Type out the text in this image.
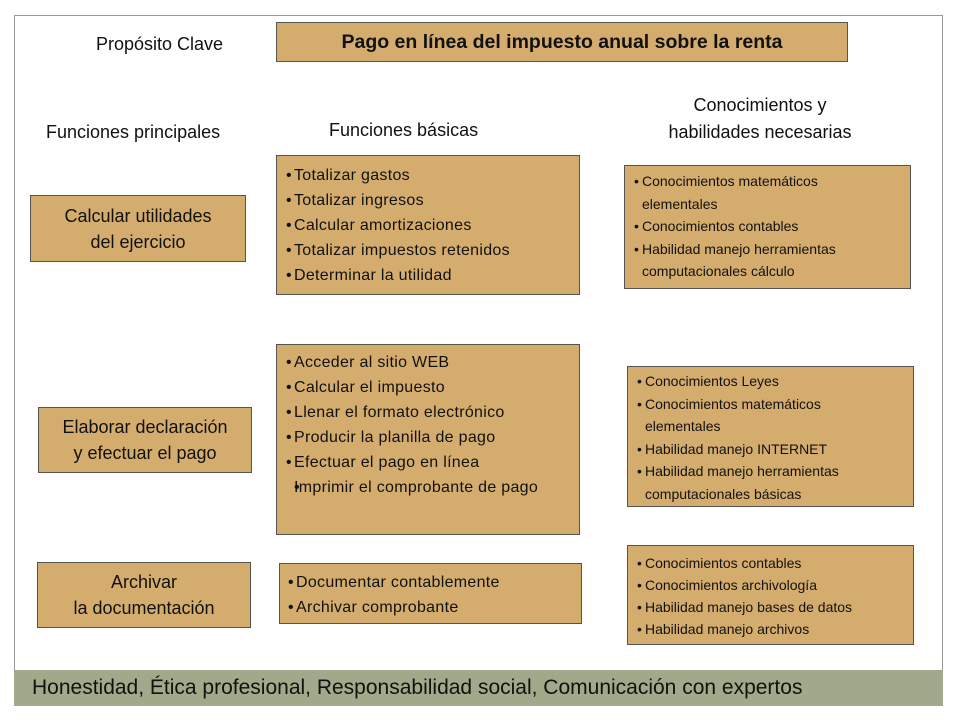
Propósito Clave	Pago en línea del impuesto anual sobre la renta
Funciones principales	Funciones básicas
Conocimientos y
habilidades necesarias
Calcular utilidades
del ejercicio
• Totalizar gastos
• Totalizar ingresos
• Calcular amortizaciones
• Totalizar impuestos retenidos
• Determinar la utilidad
• Conocimientos matemáticos
elementales
• Conocimientos contables
• Habilidad manejo herramientas
computacionales cálculo
Elaborar declaración
y efectuar el pago
• Acceder al sitio WEB
• Calcular el impuesto
• Llenar el formato electrónico
• Producir la planilla de pago
• Efectuar el pago en línea
• Imprimir el comprobante de pago
• Conocimientos Leyes
• Conocimientos matemáticos
elementales
• Habilidad manejo INTERNET
• Habilidad manejo herramientas
computacionales básicas
Archivar
la documentación
• Documentar contablemente
• Archivar comprobante
• Conocimientos contables
• Conocimientos archivología
• Habilidad manejo bases de datos
• Habilidad manejo archivos
Honestidad, Ética profesional, Responsabilidad social, Comunicación con expertos
